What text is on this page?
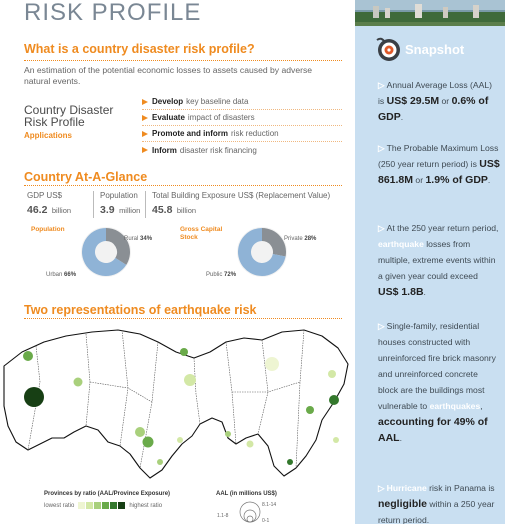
RISK PROFILE
What is a country disaster risk profile?
An estimation of the potential economic losses to assets caused by adverse natural events.
Country Disaster Risk Profile
Applications
Develop key baseline data
Evaluate impact of disasters
Promote and inform risk reduction
Inform disaster risk financing
Country At-A-Glance
GDP US$
46.2 billion
Population
3.9 million
Total Building Exposure US$ (Replacement Value)
45.8 billion
Population
Rural 34%
Urban 66%
Gross Capital
Stock	Private 28%
Public 72%
Two representations of earthquake risk
Provinces by ratio (AAL/Province Exposure)
lowest ratio	highest ratio
AAL (in millions US$)
1.1-8
8.1-14
0-1
Snapshot
▷ Annual Average Loss (AAL) is US$ 29.5M or 0.6% of GDP.
▷ The Probable Maximum Loss (250 year return period) is US$ 861.8M or 1.9% of GDP.
▷ At the 250 year return period, earthquake losses from multiple, extreme events within a given year could exceed US$ 1.8B.
▷ Single-family, residential houses constructed with unreinforced fire brick masonry and unreinforced concrete block are the buildings most vulnerable to earthquakes, accounting for 49% of AAL.
▷ Hurricane risk in Panama is negligible within a 250 year return period.
